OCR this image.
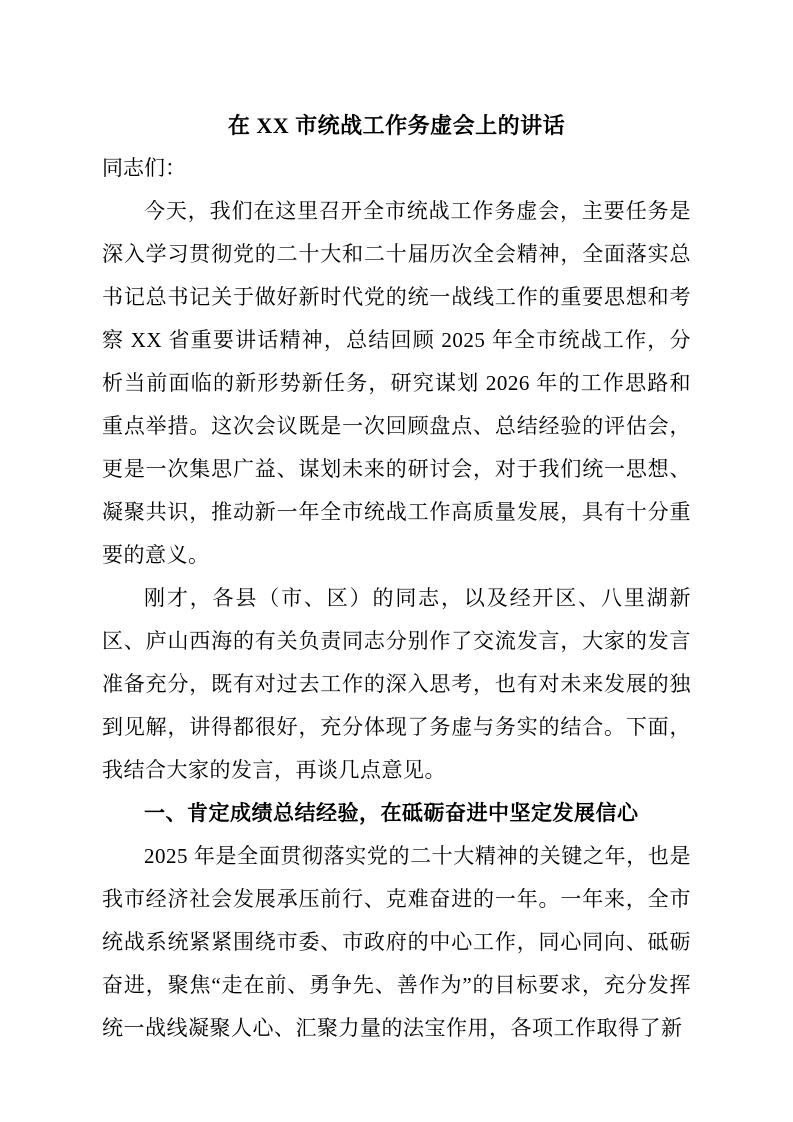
在 XX 市统战工作务虚会上的讲话

同志们：

今天，我们在这里召开全市统战工作务虚会，主要任务是深入学习贯彻党的二十大和二十届历次全会精神，全面落实总书记总书记关于做好新时代党的统一战线工作的重要思想和考察 XX 省重要讲话精神，总结回顾 2025 年全市统战工作，分析当前面临的新形势新任务，研究谋划 2026 年的工作思路和重点举措。这次会议既是一次回顾盘点、总结经验的评估会，更是一次集思广益、谋划未来的研讨会，对于我们统一思想、凝聚共识，推动新一年全市统战工作高质量发展，具有十分重要的意义。

刚才，各县（市、区）的同志，以及经开区、八里湖新区、庐山西海的有关负责同志分别作了交流发言，大家的发言准备充分，既有对过去工作的深入思考，也有对未来发展的独到见解，讲得都很好，充分体现了务虚与务实的结合。下面，我结合大家的发言，再谈几点意见。

一、肯定成绩总结经验，在砥砺奋进中坚定发展信心

2025 年是全面贯彻落实党的二十大精神的关键之年，也是我市经济社会发展承压前行、克难奋进的一年。一年来，全市统战系统紧紧围绕市委、市政府的中心工作，同心同向、砥砺奋进，聚焦“走在前、勇争先、善作为”的目标要求，充分发挥统一战线凝聚人心、汇聚力量的法宝作用，各项工作取得了新
